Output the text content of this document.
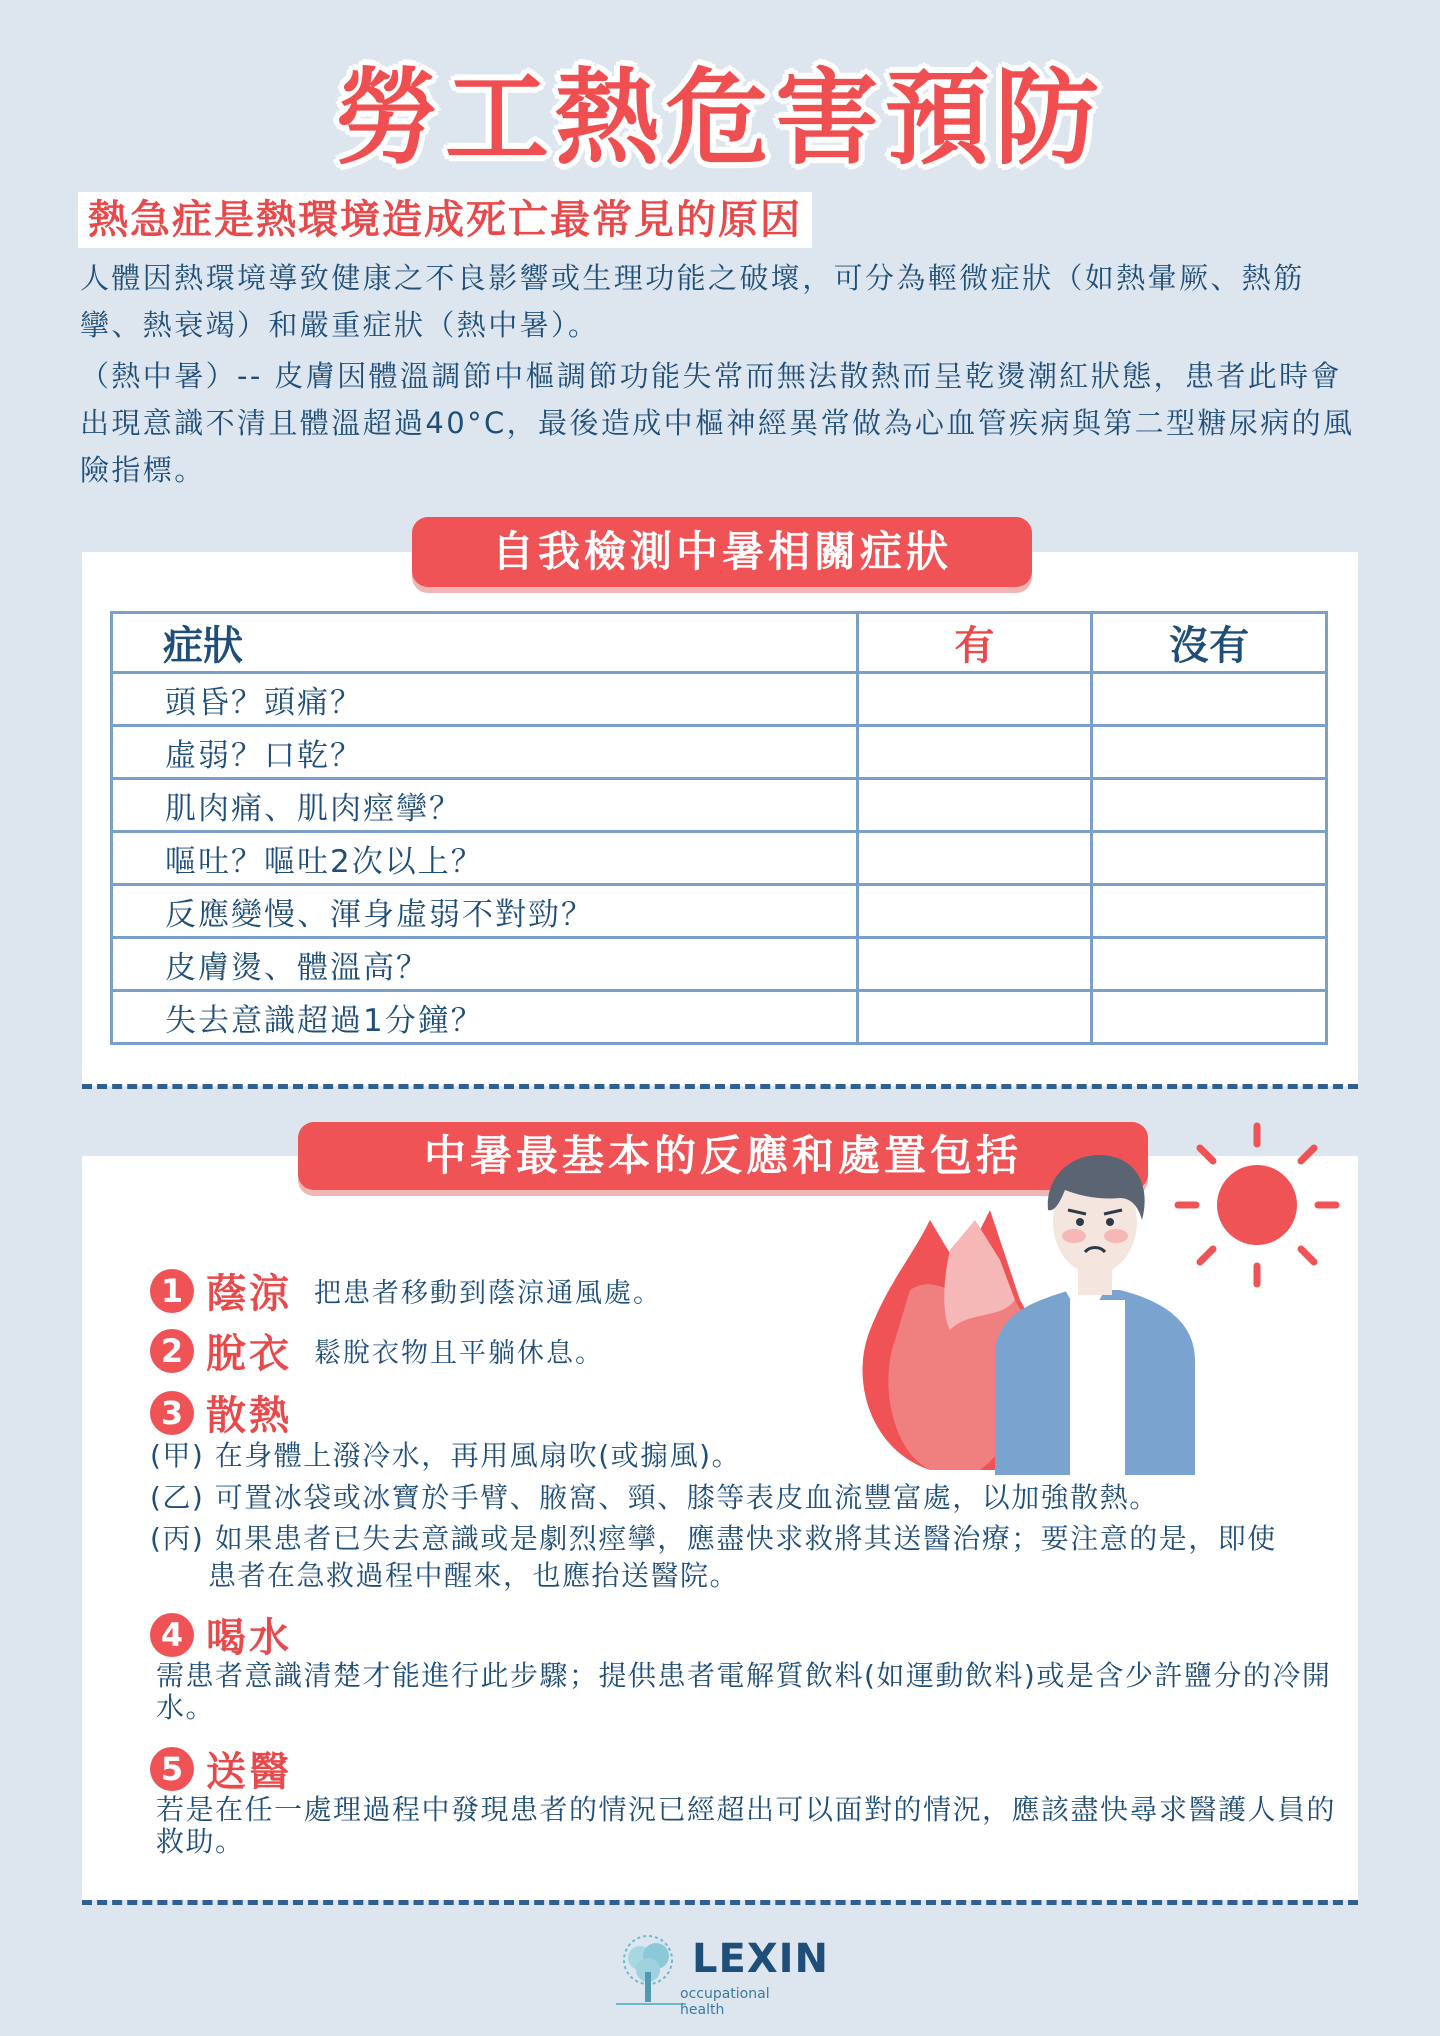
勞工熱危害預防
熱急症是熱環境造成死亡最常見的原因

人體因熱環境導致健康之不良影響或生理功能之破壞，可分為輕微症狀（如熱暈厥、熱筋攣、熱衰竭）和嚴重症狀（熱中暑）。

（熱中暑）-- 皮膚因體溫調節中樞調節功能失常而無法散熱而呈乾燙潮紅狀態，患者此時會出現意識不清且體溫超過40°C，最後造成中樞神經異常做為心血管疾病與第二型糖尿病的風險指標。

自我檢測中暑相關症狀
症狀	有	沒有
頭昏？頭痛？		
虛弱？口乾？		
肌肉痛、肌肉痙攣？		
嘔吐？嘔吐2次以上？		
反應變慢、渾身虛弱不對勁？		
皮膚燙、體溫高？		
失去意識超過1分鐘？		
中暑最基本的反應和處置包括
1 蔭涼 把患者移動到蔭涼通風處。
2 脫衣 鬆脫衣物且平躺休息。
3 散熱

(甲) 在身體上潑冷水，再用風扇吹(或搧風)。

(乙) 可置冰袋或冰寶於手臂、腋窩、頸、膝等表皮血流豐富處，以加強散熱。

(丙) 如果患者已失去意識或是劇烈痙攣，應盡快求救將其送醫治療；要注意的是，即使

患者在急救過程中醒來，也應抬送醫院。

4 喝水

需患者意識清楚才能進行此步驟；提供患者電解質飲料(如運動飲料)或是含少許鹽分的冷開水。

5 送醫

若是在任一處理過程中發現患者的情況已經超出可以面對的情況，應該盡快尋求醫護人員的救助。

LEXIN
occupational health
